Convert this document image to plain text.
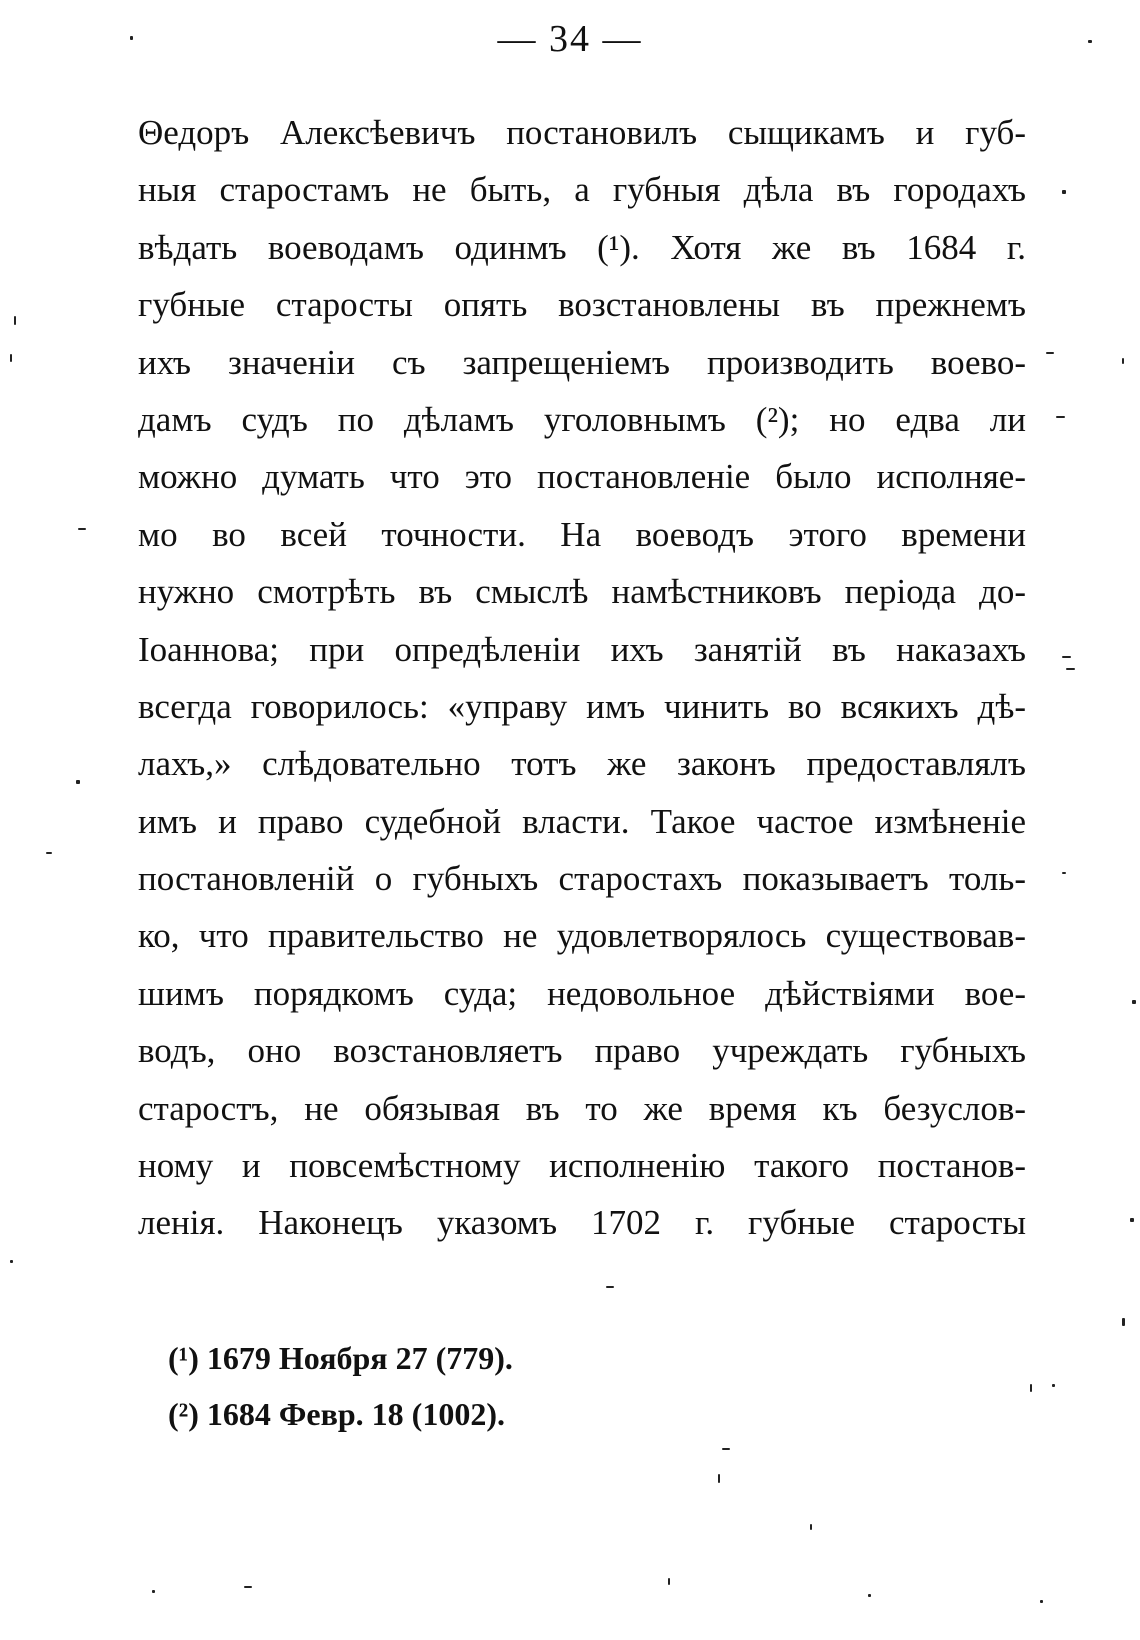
— 34 —
Θедоръ Алексѣевичъ постановилъ сыщикамъ и губ-
ныя старостамъ не быть, а губныя дѣла въ городахъ
вѣдать воеводамъ одинмъ (¹). Хотя же въ 1684 г.
губные старосты опять возстановлены въ прежнемъ
ихъ значеніи съ запрещеніемъ производить воево-
дамъ судъ по дѣламъ уголовнымъ (²); но едва ли
можно думать что это постановленіе было исполняе-
мо во всей точности. На воеводъ этого времени
нужно смотрѣть въ смыслѣ намѣстниковъ періода до-
Іоаннова; при опредѣленіи ихъ занятій въ наказахъ
всегда говорилось: «управу имъ чинить во всякихъ дѣ-
лахъ,» слѣдовательно тотъ же законъ предоставлялъ
имъ и право судебной власти. Такое частое измѣненіе
постановленій о губныхъ старостахъ показываетъ толь-
ко, что правительство не удовлетворялось существовав-
шимъ порядкомъ суда; недовольное дѣйствіями вое-
водъ, оно возстановляетъ право учреждать губныхъ
старостъ, не обязывая въ то же время къ безуслов-
ному и повсемѣстному исполненію такого постанов-
ленія. Наконецъ указомъ 1702 г. губные старосты
(¹) 1679 Ноября 27 (779).
(²) 1684 Февр. 18 (1002).
